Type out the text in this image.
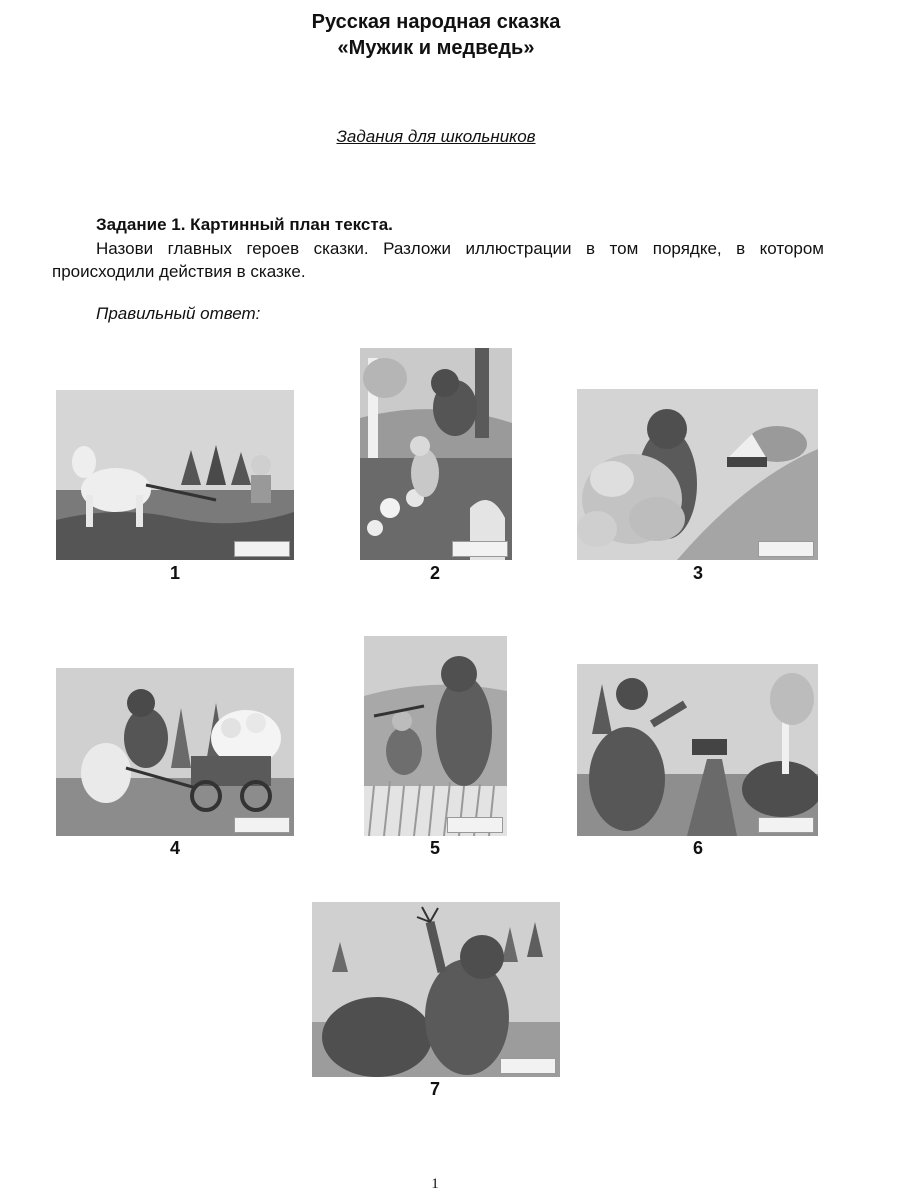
Русская народная сказка
«Мужик и медведь»
Задания для школьников
Задание 1. Картинный план текста.
Назови главных героев сказки. Разложи иллюстрации в том порядке, в котором происходили действия в сказке.
Правильный ответ:
1	2	3
4	5	6
7
1
